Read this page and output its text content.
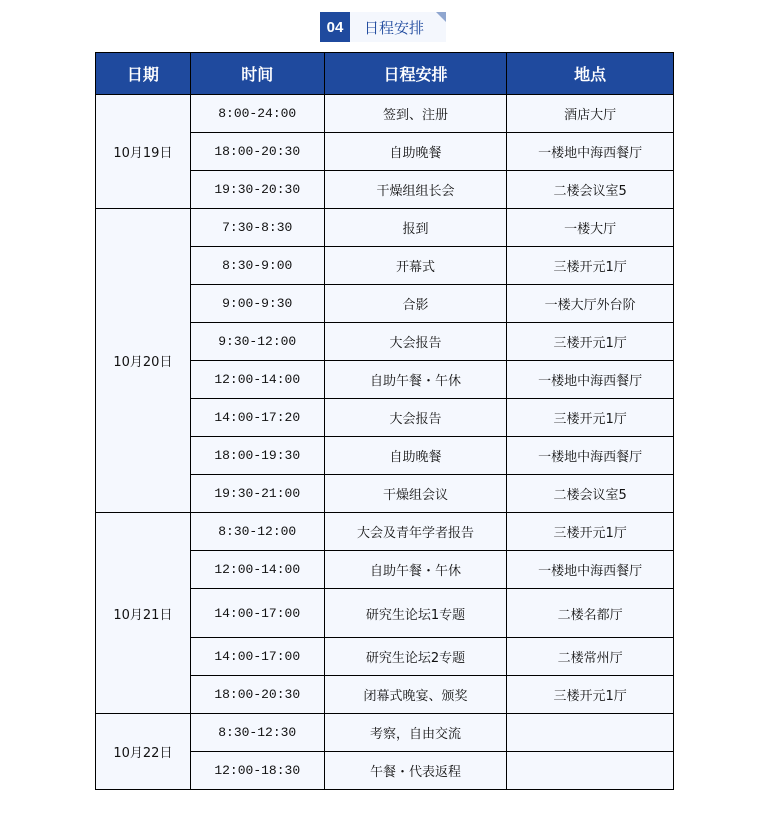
04	日程安排
日期	时间	日程安排	地点
10月19日	8:00-24:00	签到、注册	酒店大厅
	18:00-20:30	自助晚餐	一楼地中海西餐厅
	19:30-20:30	干燥组组长会	二楼会议室5
10月20日	7:30-8:30	报到	一楼大厅
	8:30-9:00	开幕式	三楼开元1厅
	9:00-9:30	合影	一楼大厅外台阶
	9:30-12:00	大会报告	三楼开元1厅
	12:00-14:00	自助午餐・午休	一楼地中海西餐厅
	14:00-17:20	大会报告	三楼开元1厅
	18:00-19:30	自助晚餐	一楼地中海西餐厅
	19:30-21:00	干燥组会议	二楼会议室5
10月21日	8:30-12:00	大会及青年学者报告	三楼开元1厅
	12:00-14:00	自助午餐・午休	一楼地中海西餐厅
	14:00-17:00	研究生论坛1专题	二楼名都厅
	14:00-17:00	研究生论坛2专题	二楼常州厅
	18:00-20:30	闭幕式晚宴、颁奖	三楼开元1厅
10月22日	8:30-12:30	考察，自由交流	
	12:00-18:30	午餐・代表返程	
